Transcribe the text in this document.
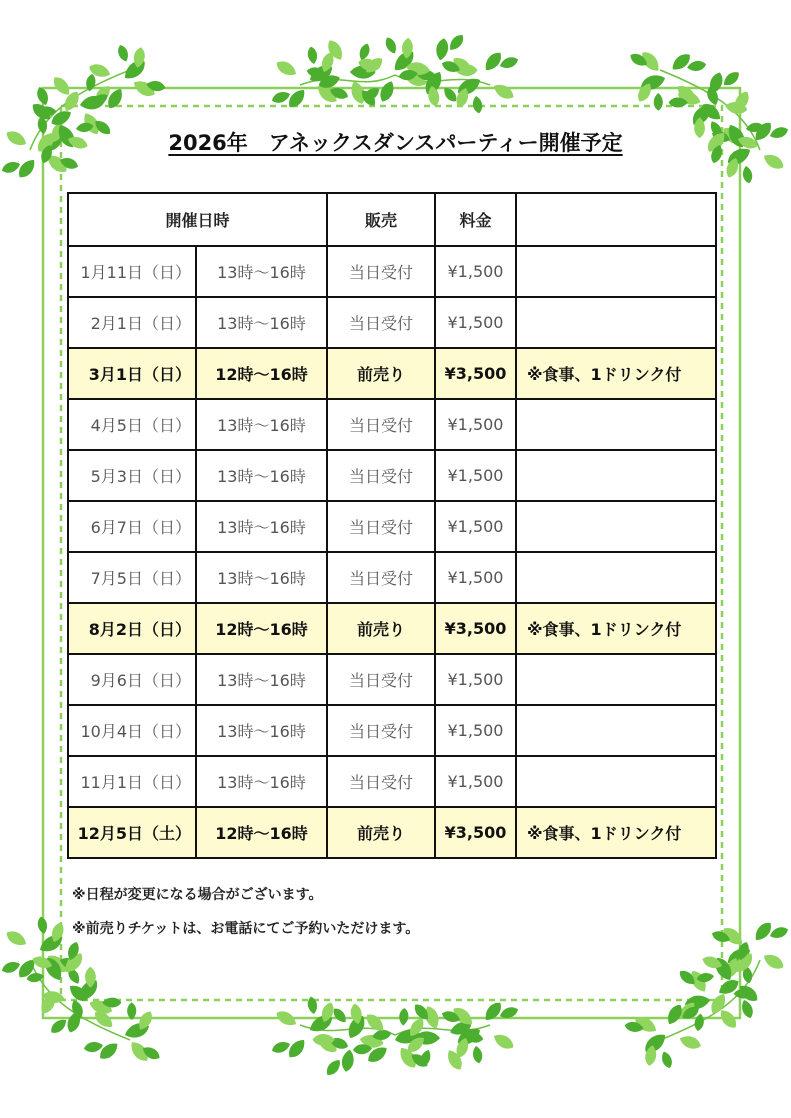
2026年　アネックスダンスパーティー開催予定
開催日時		販売	料金	
1月11日（日）	13時〜16時	当日受付	¥1,500	
2月1日（日）	13時〜16時	当日受付	¥1,500	
3月1日（日）	12時〜16時	前売り	¥3,500	※食事、1ドリンク付
4月5日（日）	13時〜16時	当日受付	¥1,500	
5月3日（日）	13時〜16時	当日受付	¥1,500	
6月7日（日）	13時〜16時	当日受付	¥1,500	
7月5日（日）	13時〜16時	当日受付	¥1,500	
8月2日（日）	12時〜16時	前売り	¥3,500	※食事、1ドリンク付
9月6日（日）	13時〜16時	当日受付	¥1,500	
10月4日（日）	13時〜16時	当日受付	¥1,500	
11月1日（日）	13時〜16時	当日受付	¥1,500	
12月5日（土）	12時〜16時	前売り	¥3,500	※食事、1ドリンク付

※日程が変更になる場合がございます。

※前売りチケットは、お電話にてご予約いただけます。
